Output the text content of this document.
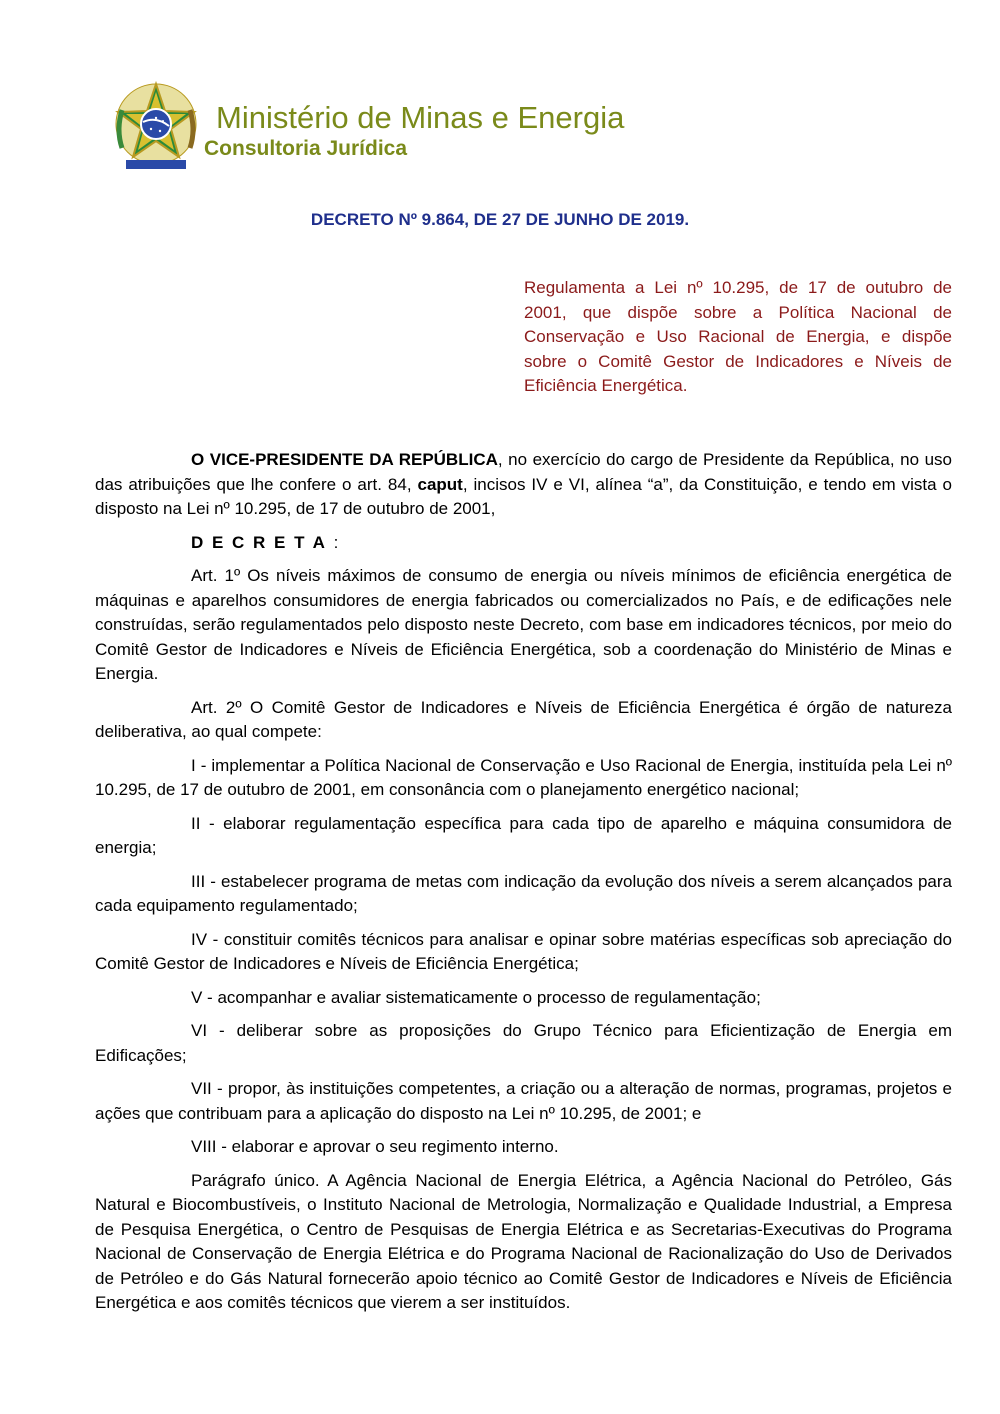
Ministério de Minas e Energia
Consultoria Jurídica
DECRETO Nº 9.864, DE 27 DE JUNHO DE 2019.
Regulamenta a Lei nº 10.295, de 17 de outubro de 2001, que dispõe sobre a Política Nacional de Conservação e Uso Racional de Energia, e dispõe sobre o Comitê Gestor de Indicadores e Níveis de Eficiência Energética.

O VICE-PRESIDENTE DA REPÚBLICA, no exercício do cargo de Presidente da República, no uso das atribuições que lhe confere o art. 84, caput, incisos IV e VI, alínea “a”, da Constituição, e tendo em vista o disposto na Lei nº 10.295, de 17 de outubro de 2001,

D E C R E T A :

Art. 1º Os níveis máximos de consumo de energia ou níveis mínimos de eficiência energética de máquinas e aparelhos consumidores de energia fabricados ou comercializados no País, e de edificações nele construídas, serão regulamentados pelo disposto neste Decreto, com base em indicadores técnicos, por meio do Comitê Gestor de Indicadores e Níveis de Eficiência Energética, sob a coordenação do Ministério de Minas e Energia.

Art. 2º O Comitê Gestor de Indicadores e Níveis de Eficiência Energética é órgão de natureza deliberativa, ao qual compete:

I - implementar a Política Nacional de Conservação e Uso Racional de Energia, instituída pela Lei nº 10.295, de 17 de outubro de 2001, em consonância com o planejamento energético nacional;

II - elaborar regulamentação específica para cada tipo de aparelho e máquina consumidora de energia;

III - estabelecer programa de metas com indicação da evolução dos níveis a serem alcançados para cada equipamento regulamentado;

IV - constituir comitês técnicos para analisar e opinar sobre matérias específicas sob apreciação do Comitê Gestor de Indicadores e Níveis de Eficiência Energética;

V - acompanhar e avaliar sistematicamente o processo de regulamentação;

VI - deliberar sobre as proposições do Grupo Técnico para Eficientização de Energia em Edificações;

VII - propor, às instituições competentes, a criação ou a alteração de normas, programas, projetos e ações que contribuam para a aplicação do disposto na Lei nº 10.295, de 2001; e

VIII - elaborar e aprovar o seu regimento interno.

Parágrafo único. A Agência Nacional de Energia Elétrica, a Agência Nacional do Petróleo, Gás Natural e Biocombustíveis, o Instituto Nacional de Metrologia, Normalização e Qualidade Industrial, a Empresa de Pesquisa Energética, o Centro de Pesquisas de Energia Elétrica e as Secretarias-Executivas do Programa Nacional de Conservação de Energia Elétrica e do Programa Nacional de Racionalização do Uso de Derivados de Petróleo e do Gás Natural fornecerão apoio técnico ao Comitê Gestor de Indicadores e Níveis de Eficiência Energética e aos comitês técnicos que vierem a ser instituídos.
